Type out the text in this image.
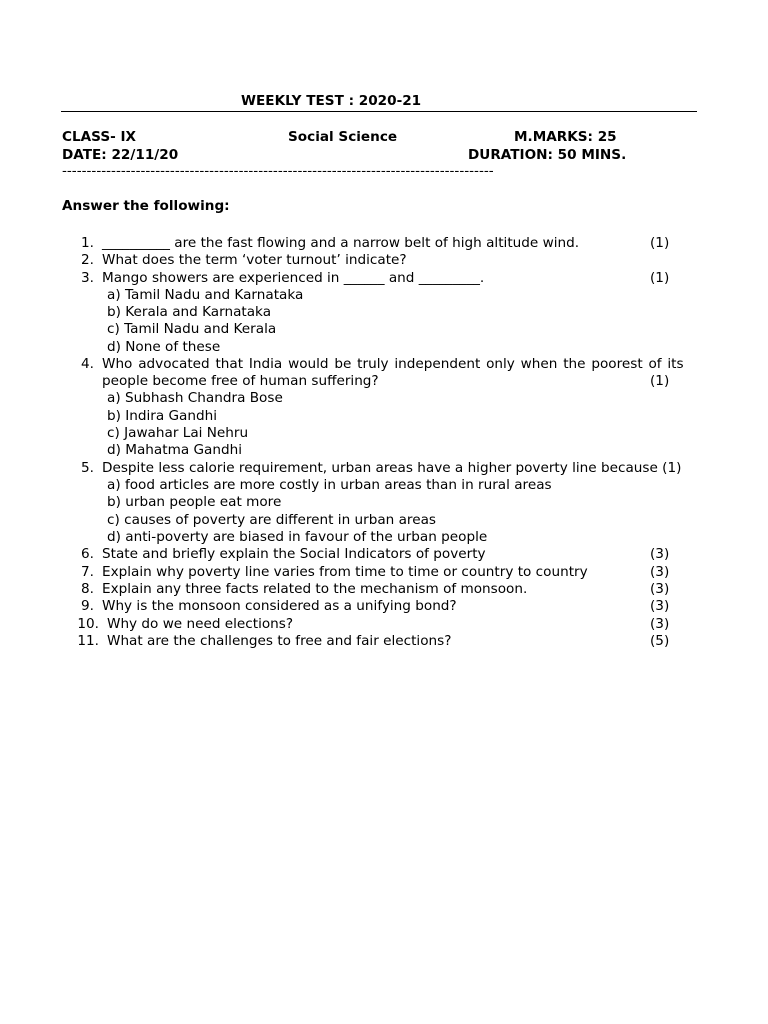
WEEKLY TEST : 2020-21
CLASS- IX	Social Science	M.MARKS: 25
DATE: 22/11/20	DURATION: 50 MINS.
----------------------------------------------------------------------------------------
Answer the following:
1. __________ are the fast flowing and a narrow belt of high altitude wind.	(1)
2. What does the term ‘voter turnout’ indicate?
3. Mango showers are experienced in ______ and _________.	(1)
a) Tamil Nadu and Karnataka
b) Kerala and Karnataka
c) Tamil Nadu and Kerala
d) None of these
4. Who advocated that India would be truly independent only when the poorest of its
people become free of human suffering?	(1)
a) Subhash Chandra Bose
b) Indira Gandhi
c) Jawahar Lai Nehru
d) Mahatma Gandhi
5. Despite less calorie requirement, urban areas have a higher poverty line because (1)
a) food articles are more costly in urban areas than in rural areas
b) urban people eat more
c) causes of poverty are different in urban areas
d) anti-poverty are biased in favour of the urban people
6. State and briefly explain the Social Indicators of poverty	(3)
7. Explain why poverty line varies from time to time or country to country	(3)
8. Explain any three facts related to the mechanism of monsoon.	(3)
9. Why is the monsoon considered as a unifying bond?	(3)
10. Why do we need elections?	(3)
11. What are the challenges to free and fair elections?	(5)
